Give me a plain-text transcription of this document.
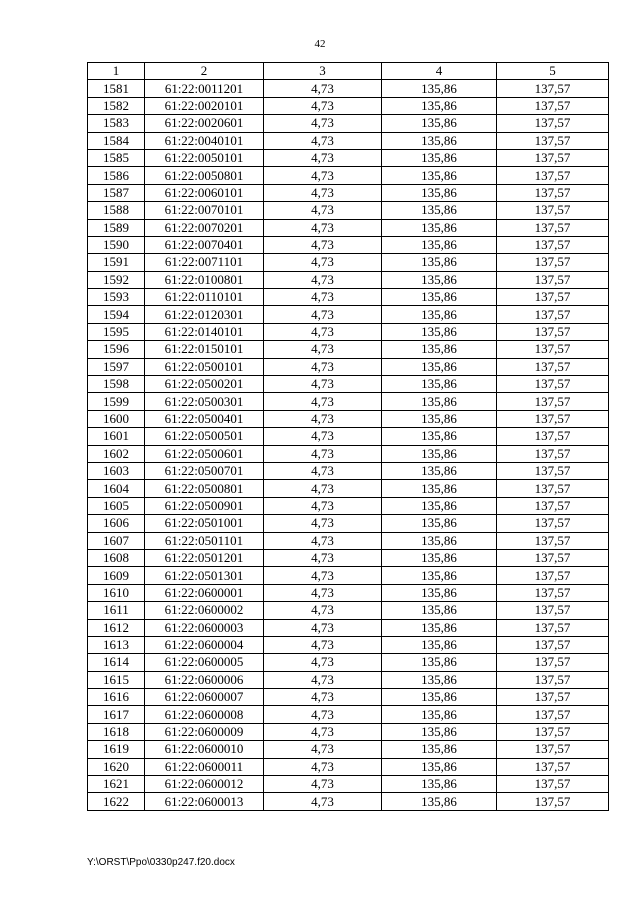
42
1	2	3	4	5
1581	61:22:0011201	4,73	135,86	137,57
1582	61:22:0020101	4,73	135,86	137,57
1583	61:22:0020601	4,73	135,86	137,57
1584	61:22:0040101	4,73	135,86	137,57
1585	61:22:0050101	4,73	135,86	137,57
1586	61:22:0050801	4,73	135,86	137,57
1587	61:22:0060101	4,73	135,86	137,57
1588	61:22:0070101	4,73	135,86	137,57
1589	61:22:0070201	4,73	135,86	137,57
1590	61:22:0070401	4,73	135,86	137,57
1591	61:22:0071101	4,73	135,86	137,57
1592	61:22:0100801	4,73	135,86	137,57
1593	61:22:0110101	4,73	135,86	137,57
1594	61:22:0120301	4,73	135,86	137,57
1595	61:22:0140101	4,73	135,86	137,57
1596	61:22:0150101	4,73	135,86	137,57
1597	61:22:0500101	4,73	135,86	137,57
1598	61:22:0500201	4,73	135,86	137,57
1599	61:22:0500301	4,73	135,86	137,57
1600	61:22:0500401	4,73	135,86	137,57
1601	61:22:0500501	4,73	135,86	137,57
1602	61:22:0500601	4,73	135,86	137,57
1603	61:22:0500701	4,73	135,86	137,57
1604	61:22:0500801	4,73	135,86	137,57
1605	61:22:0500901	4,73	135,86	137,57
1606	61:22:0501001	4,73	135,86	137,57
1607	61:22:0501101	4,73	135,86	137,57
1608	61:22:0501201	4,73	135,86	137,57
1609	61:22:0501301	4,73	135,86	137,57
1610	61:22:0600001	4,73	135,86	137,57
1611	61:22:0600002	4,73	135,86	137,57
1612	61:22:0600003	4,73	135,86	137,57
1613	61:22:0600004	4,73	135,86	137,57
1614	61:22:0600005	4,73	135,86	137,57
1615	61:22:0600006	4,73	135,86	137,57
1616	61:22:0600007	4,73	135,86	137,57
1617	61:22:0600008	4,73	135,86	137,57
1618	61:22:0600009	4,73	135,86	137,57
1619	61:22:0600010	4,73	135,86	137,57
1620	61:22:0600011	4,73	135,86	137,57
1621	61:22:0600012	4,73	135,86	137,57
1622	61:22:0600013	4,73	135,86	137,57
Y:\ORST\Ppo\0330p247.f20.docx
